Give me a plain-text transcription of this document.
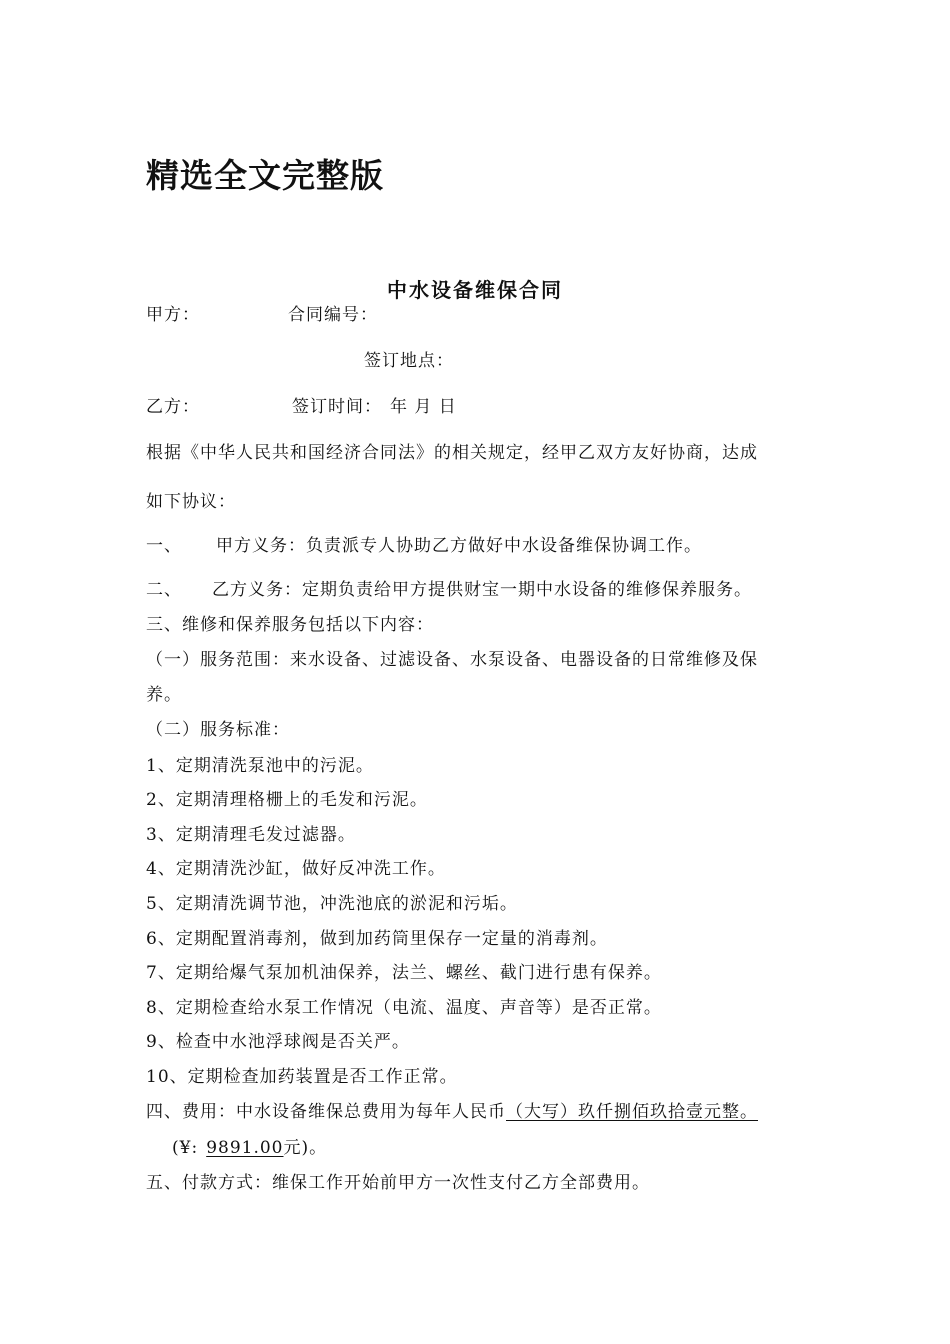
精选全文完整版
中水设备维保合同
甲方：	合同编号：
签订地点：
乙方：	签订时间： 年 月 日
根据《中华人民共和国经济合同法》的相关规定，经甲乙双方友好协商，达成
如下协议：
一、 甲方义务：负责派专人协助乙方做好中水设备维保协调工作。
二、 乙方义务：定期负责给甲方提供财宝一期中水设备的维修保养服务。
三、维修和保养服务包括以下内容：
（一）服务范围：来水设备、过滤设备、水泵设备、电器设备的日常维修及保
养。
（二）服务标准：
1、定期清洗泵池中的污泥。
2、定期清理格栅上的毛发和污泥。
3、定期清理毛发过滤器。
4、定期清洗沙缸，做好反冲洗工作。
5、定期清洗调节池，冲洗池底的淤泥和污垢。
6、定期配置消毒剂，做到加药筒里保存一定量的消毒剂。
7、定期给爆气泵加机油保养，法兰、螺丝、截门进行患有保养。
8、定期检查给水泵工作情况（电流、温度、声音等）是否正常。
9、检查中水池浮球阀是否关严。
10、定期检查加药装置是否工作正常。
四、费用：中水设备维保总费用为每年人民币（大写）玖仟捌佰玖拾壹元整。
(¥: 9891.00元)。
五、付款方式：维保工作开始前甲方一次性支付乙方全部费用。
